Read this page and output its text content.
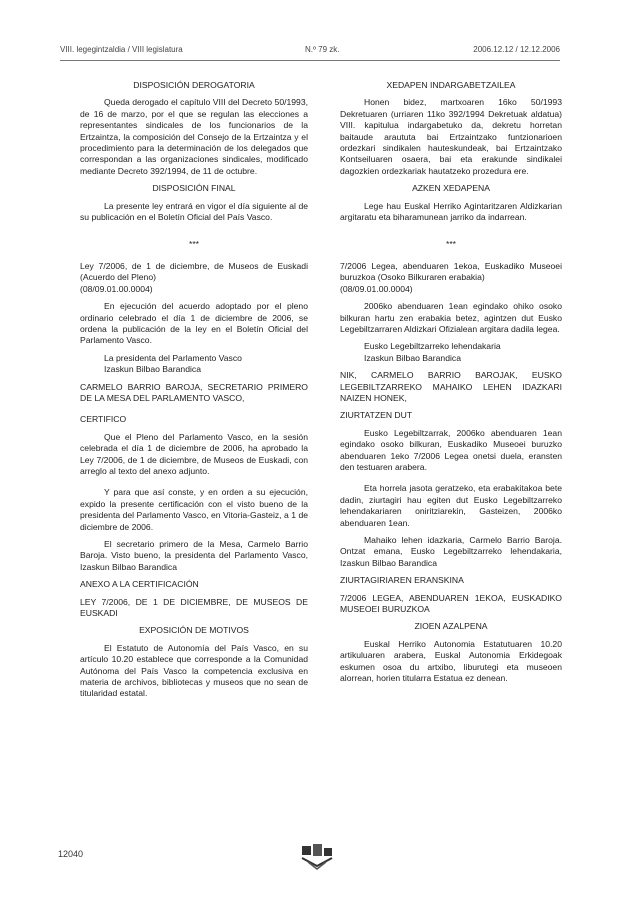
VIII. legegintzaldia / VIII legislatura	N.º 79 zk.	2006.12.12 / 12.12.2006

DISPOSICIÓN DEROGATORIA

Queda derogado el capítulo VIII del Decreto 50/1993, de 16 de marzo, por el que se regulan las elecciones a representantes sindicales de los funcionarios de la Ertzaintza, la composición del Consejo de la Ertzaintza y el procedimiento para la determinación de los delegados que correspondan a las organizaciones sindicales, modificado mediante Decreto 392/1994, de 11 de octubre.

DISPOSICIÓN FINAL

La presente ley entrará en vigor el día siguiente al de su publicación en el Boletín Oficial del País Vasco.

***

Ley 7/2006, de 1 de diciembre, de Museos de Euskadi (Acuerdo del Pleno)

(08/09.01.00.0004)

En ejecución del acuerdo adoptado por el pleno ordinario celebrado el día 1 de diciembre de 2006, se ordena la publicación de la ley en el Boletín Oficial del Parlamento Vasco.

La presidenta del Parlamento Vasco

Izaskun Bilbao Barandica

CARMELO BARRIO BAROJA, SECRETARIO PRIMERO DE LA MESA DEL PARLAMENTO VASCO,

CERTIFICO

Que el Pleno del Parlamento Vasco, en la sesión celebrada el día 1 de diciembre de 2006, ha aprobado la Ley 7/2006, de 1 de diciembre, de Museos de Euskadi, con arreglo al texto del anexo adjunto.

Y para que así conste, y en orden a su ejecución, expido la presente certificación con el visto bueno de la presidenta del Parlamento Vasco, en Vitoria-Gasteiz, a 1 de diciembre de 2006.

El secretario primero de la Mesa, Carmelo Barrio Baroja. Visto bueno, la presidenta del Parlamento Vasco, Izaskun Bilbao Barandica

ANEXO A LA CERTIFICACIÓN

LEY 7/2006, DE 1 DE DICIEMBRE, DE MUSEOS DE EUSKADI

EXPOSICIÓN DE MOTIVOS

El Estatuto de Autonomía del País Vasco, en su artículo 10.20 establece que corresponde a la Comunidad Autónoma del País Vasco la competencia exclusiva en materia de archivos, bibliotecas y museos que no sean de titularidad estatal.

XEDAPEN INDARGABETZAILEA

Honen bidez, martxoaren 16ko 50/1993 Dekretuaren (urriaren 11ko 392/1994 Dekretuak aldatua) VIII. kapitulua indargabetuko da, dekretu horretan baitaude araututa bai Ertzaintzako funtzionarioen ordezkari sindikalen hauteskundeak, bai Ertzaintzako Kontseiluaren osaera, bai eta erakunde sindikalei dagozkien ordezkariak hautatzeko prozedura ere.

AZKEN XEDAPENA

Lege hau Euskal Herriko Agintaritzaren Aldizkarian argitaratu eta biharamunean jarriko da indarrean.

***

7/2006 Legea, abenduaren 1ekoa, Euskadiko Museoei buruzkoa (Osoko Bilkuraren erabakia)

(08/09.01.00.0004)

2006ko abenduaren 1ean egindako ohiko osoko bilkuran hartu zen erabakia betez, agintzen dut Eusko Legebiltzarraren Aldizkari Ofizialean argitara dadila legea.

Eusko Legebiltzarreko lehendakaria

Izaskun Bilbao Barandica

NIK, CARMELO BARRIO BAROJAK, EUSKO LEGEBILTZARREKO MAHAIKO LEHEN IDAZKARI NAIZEN HONEK,

ZIURTATZEN DUT

Eusko Legebiltzarrak, 2006ko abenduaren 1ean egindako osoko bilkuran, Euskadiko Museoei buruzko abenduaren 1eko 7/2006 Legea onetsi duela, eransten den testuaren arabera.

Eta horrela jasota geratzeko, eta erabakitakoa bete dadin, ziurtagiri hau egiten dut Eusko Legebiltzarreko lehendakariaren oniritziarekin, Gasteizen, 2006ko abenduaren 1ean.

Mahaiko lehen idazkaria, Carmelo Barrio Baroja. Ontzat emana, Eusko Legebiltzarreko lehendakaria, Izaskun Bilbao Barandica

ZIURTAGIRIAREN ERANSKINA

7/2006 LEGEA, ABENDUAREN 1EKOA, EUSKADIKO MUSEOEI BURUZKOA

ZIOEN AZALPENA

Euskal Herriko Autonomia Estatutuaren 10.20 artikuluaren arabera, Euskal Autonomia Erkidegoak eskumen osoa du artxibo, liburutegi eta museoen alorrean, horien titularra Estatua ez denean.

12040
